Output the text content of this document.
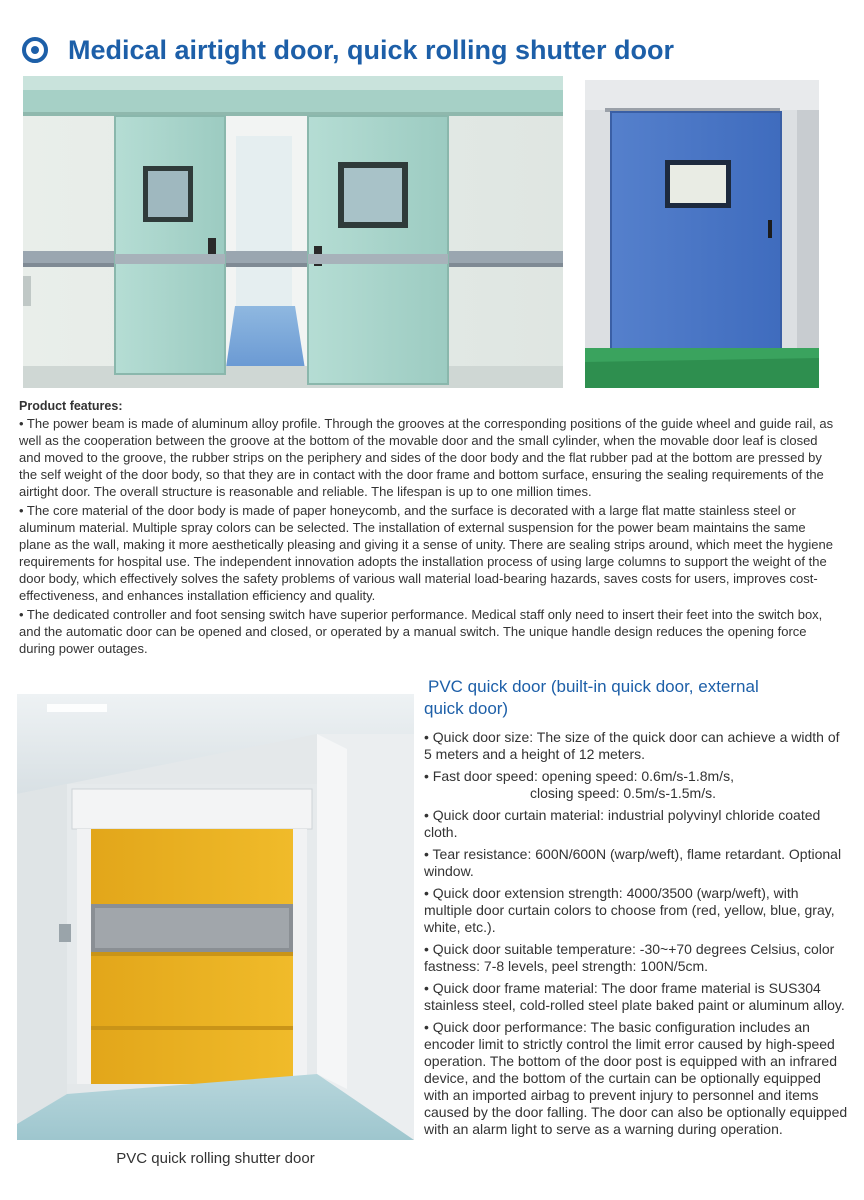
Medical airtight door, quick rolling shutter door
Product features:

• The power beam is made of aluminum alloy profile. Through the grooves at the corresponding positions of the guide wheel and guide rail, as well as the cooperation between the groove at the bottom of the movable door and the small cylinder, when the movable door leaf is closed and moved to the groove, the rubber strips on the periphery and sides of the door body and the flat rubber pad at the bottom are pressed by the self weight of the door body, so that they are in contact with the door frame and bottom surface, ensuring the sealing requirements of the airtight door. The overall structure is reasonable and reliable. The lifespan is up to one million times.

• The core material of the door body is made of paper honeycomb, and the surface is decorated with a large flat matte stainless steel or aluminum material. Multiple spray colors can be selected. The installation of external suspension for the power beam maintains the same plane as the wall, making it more aesthetically pleasing and giving it a sense of unity. There are sealing strips around, which meet the hygiene requirements for hospital use. The independent innovation adopts the installation process of using large columns to support the weight of the door body, which effectively solves the safety problems of various wall material load-bearing hazards, saves costs for users, improves cost-effectiveness, and enhances installation efficiency and quality.

• The dedicated controller and foot sensing switch have superior performance. Medical staff only need to insert their feet into the switch box, and the automatic door can be opened and closed, or operated by a manual switch. The unique handle design reduces the opening force during power outages.

PVC quick rolling shutter door
PVC quick door (built-in quick door, external
quick door)

• Quick door size: The size of the quick door can achieve a width of 5 meters and a height of 12 meters.

• Fast door speed: opening speed: 0.6m/s-1.8m/s,
closing speed: 0.5m/s-1.5m/s.

• Quick door curtain material: industrial polyvinyl chloride coated cloth.

• Tear resistance: 600N/600N (warp/weft), flame retardant. Optional window.

• Quick door extension strength: 4000/3500 (warp/weft), with multiple door curtain colors to choose from (red, yellow, blue, gray, white, etc.).

• Quick door suitable temperature: -30~+70 degrees Celsius, color fastness: 7-8 levels, peel strength: 100N/5cm.

• Quick door frame material: The door frame material is SUS304 stainless steel, cold-rolled steel plate baked paint or aluminum alloy.

• Quick door performance: The basic configuration includes an encoder limit to strictly control the limit error caused by high-speed operation. The bottom of the door post is equipped with an infrared device, and the bottom of the curtain can be optionally equipped with an imported airbag to prevent injury to personnel and items caused by the door falling. The door can also be optionally equipped with an alarm light to serve as a warning during operation.
